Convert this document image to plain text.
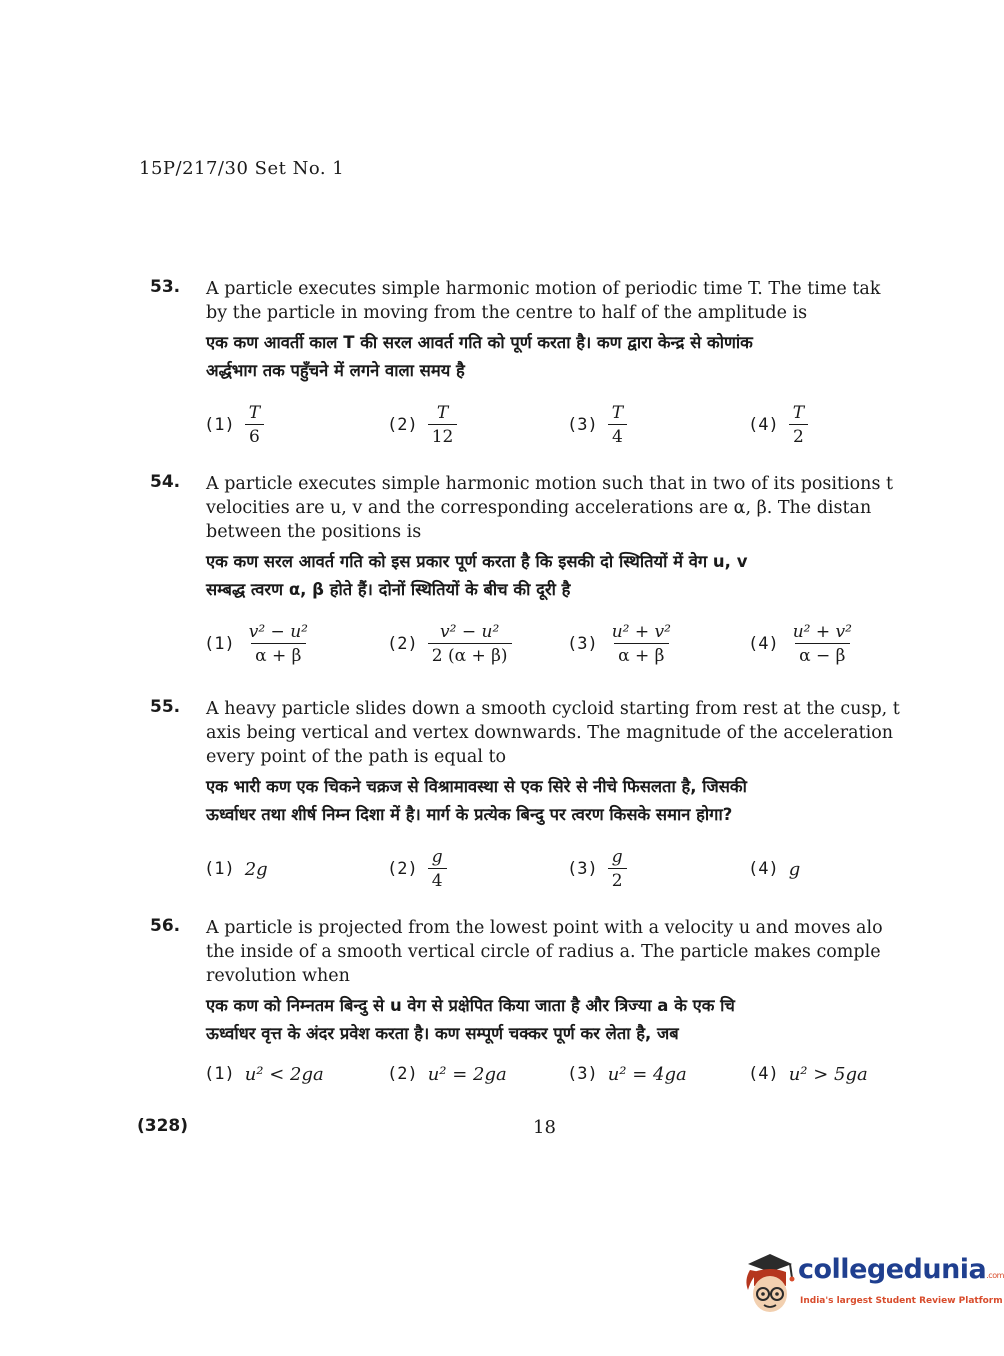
15P/217/30 Set No. 1
53. A particle executes simple harmonic motion of periodic time T. The time tak
by the particle in moving from the centre to half of the amplitude is
एक कण आवर्ती काल T की सरल आवर्त गति को पूर्ण करता है। कण द्वारा केन्द्र से कोणांक
अर्द्धभाग तक पहुँचने में लगने वाला समय है
$(1) \frac{T}{6}$	$(2) \frac{T}{12}$	$(3) \frac{T}{4}$	$(4) \frac{T}{2}$
54. A particle executes simple harmonic motion such that in two of its positions t
velocities are u, v and the corresponding accelerations are α, β. The distan
between the positions is
एक कण सरल आवर्त गति को इस प्रकार पूर्ण करता है कि इसकी दो स्थितियों में वेग u, v
सम्बद्ध त्वरण α, β होते हैं। दोनों स्थितियों के बीच की दूरी है
$(1) \frac{\text{v² − u²}}{\alpha + \beta}$	$(2) \frac{\text{v² − u²}}{2 (\alpha + \beta)}$	$(3) \frac{\text{u² + v²}}{\alpha + \beta}$	$(4) \frac{\text{u² + v²}}{\alpha - \beta}$
55. A heavy particle slides down a smooth cycloid starting from rest at the cusp, t
axis being vertical and vertex downwards. The magnitude of the acceleration
every point of the path is equal to
एक भारी कण एक चिकने चक्रज से विश्रामावस्था से एक सिरे से नीचे फिसलता है, जिसकी
ऊर्ध्वाधर तथा शीर्ष निम्न दिशा में है। मार्ग के प्रत्येक बिन्दु पर त्वरण किसके समान होगा?
(1) 2g	$(2) \frac{g}{4}$	$(3) \frac{g}{2}$	(4) g
56. A particle is projected from the lowest point with a velocity u and moves alo
the inside of a smooth vertical circle of radius a. The particle makes comple
revolution when
एक कण को निम्नतम बिन्दु से u वेग से प्रक्षेपित किया जाता है और त्रिज्या a के एक चि
ऊर्ध्वाधर वृत्त के अंदर प्रवेश करता है। कण सम्पूर्ण चक्कर पूर्ण कर लेता है, जब
(1) u² < 2ga	(2) u² = 2ga	(3) u² = 4ga	(4) u² > 5ga
(328)	18
collegedunia.com
India's largest Student Review Platform
